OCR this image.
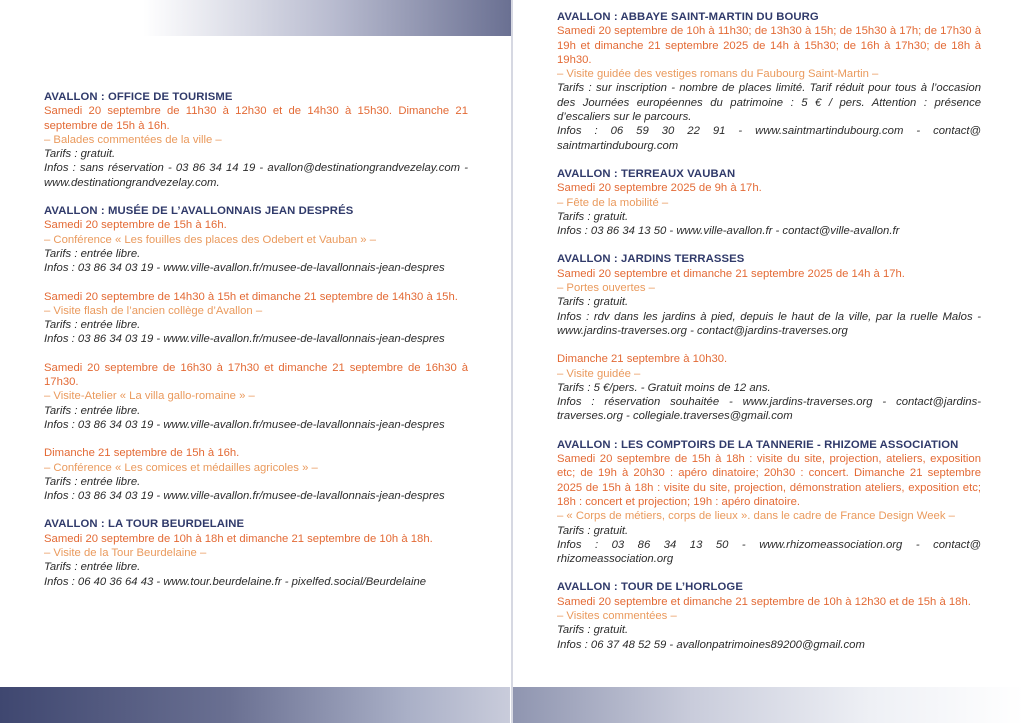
AVALLON : OFFICE DE TOURISME
Samedi 20 septembre de 11h30 à 12h30 et de 14h30 à 15h30. Dimanche 21 septembre de 15h à 16h.
– Balades commentées de la ville –
Tarifs : gratuit.
Infos : sans réservation - 03 86 34 14 19 - avallon@destinationgrandvezelay.com - www.destinationgrandvezelay.com.
AVALLON : MUSÉE DE L’AVALLONNAIS JEAN DESPRÉS
Samedi 20 septembre de 15h à 16h.
– Conférence « Les fouilles des places des Odebert et Vauban » –
Tarifs : entrée libre.
Infos : 03 86 34 03 19 - www.ville-avallon.fr/musee-de-lavallonnais-jean-despres
Samedi 20 septembre de 14h30 à 15h et dimanche 21 septembre de 14h30 à 15h.
– Visite flash de l’ancien collège d’Avallon –
Tarifs : entrée libre.
Infos : 03 86 34 03 19 - www.ville-avallon.fr/musee-de-lavallonnais-jean-despres
Samedi 20 septembre de 16h30 à 17h30 et dimanche 21 septembre de 16h30 à 17h30.
– Visite-Atelier « La villa gallo-romaine » –
Tarifs : entrée libre.
Infos : 03 86 34 03 19 - www.ville-avallon.fr/musee-de-lavallonnais-jean-despres
Dimanche 21 septembre de 15h à 16h.
– Conférence « Les comices et médailles agricoles » –
Tarifs : entrée libre.
Infos : 03 86 34 03 19 - www.ville-avallon.fr/musee-de-lavallonnais-jean-despres
AVALLON : LA TOUR BEURDELAINE
Samedi 20 septembre de 10h à 18h et dimanche 21 septembre de 10h à 18h.
– Visite de la Tour Beurdelaine –
Tarifs : entrée libre.
Infos : 06 40 36 64 43 - www.tour.beurdelaine.fr - pixelfed.social/Beurdelaine
AVALLON : ABBAYE SAINT-MARTIN DU BOURG
Samedi 20 septembre de 10h à 11h30; de 13h30 à 15h; de 15h30 à 17h; de 17h30 à 19h et dimanche 21 septembre 2025 de 14h à 15h30; de 16h à 17h30; de 18h à 19h30.
– Visite guidée des vestiges romans du Faubourg Saint-Martin –
Tarifs : sur inscription - nombre de places limité. Tarif réduit pour tous à l’occasion des Journées européennes du patrimoine : 5 € / pers. Attention : présence d’escaliers sur le parcours.
Infos : 06 59 30 22 91 - www.saintmartindubourg.com - contact@ saintmartindubourg.com
AVALLON : TERREAUX VAUBAN
Samedi 20 septembre 2025 de 9h à 17h.
– Fête de la mobilité –
Tarifs : gratuit.
Infos : 03 86 34 13 50 - www.ville-avallon.fr - contact@ville-avallon.fr
AVALLON : JARDINS TERRASSES
Samedi 20 septembre et dimanche 21 septembre 2025 de 14h à 17h.
– Portes ouvertes –
Tarifs : gratuit.
Infos : rdv dans les jardins à pied, depuis le haut de la ville, par la ruelle Malos - www.jardins-traverses.org - contact@jardins-traverses.org
Dimanche 21 septembre à 10h30.
– Visite guidée –
Tarifs : 5 €/pers. - Gratuit moins de 12 ans.
Infos : réservation souhaitée - www.jardins-traverses.org - contact@jardins-traverses.org - collegiale.traverses@gmail.com
AVALLON : LES COMPTOIRS DE LA TANNERIE - RHIZOME ASSOCIATION
Samedi 20 septembre de 15h à 18h : visite du site, projection, ateliers, exposition etc; de 19h à 20h30 : apéro dinatoire; 20h30 : concert. Dimanche 21 septembre 2025 de 15h à 18h : visite du site, projection, démonstration ateliers, exposition etc; 18h : concert et projection; 19h : apéro dinatoire.
– « Corps de métiers, corps de lieux ». dans le cadre de France Design Week –
Tarifs : gratuit.
Infos : 03 86 34 13 50 - www.rhizomeassociation.org - contact@ rhizomeassociation.org
AVALLON : TOUR DE L’HORLOGE
Samedi 20 septembre et dimanche 21 septembre de 10h à 12h30 et de 15h à 18h.
– Visites commentées –
Tarifs : gratuit.
Infos : 06 37 48 52 59 - avallonpatrimoines89200@gmail.com
